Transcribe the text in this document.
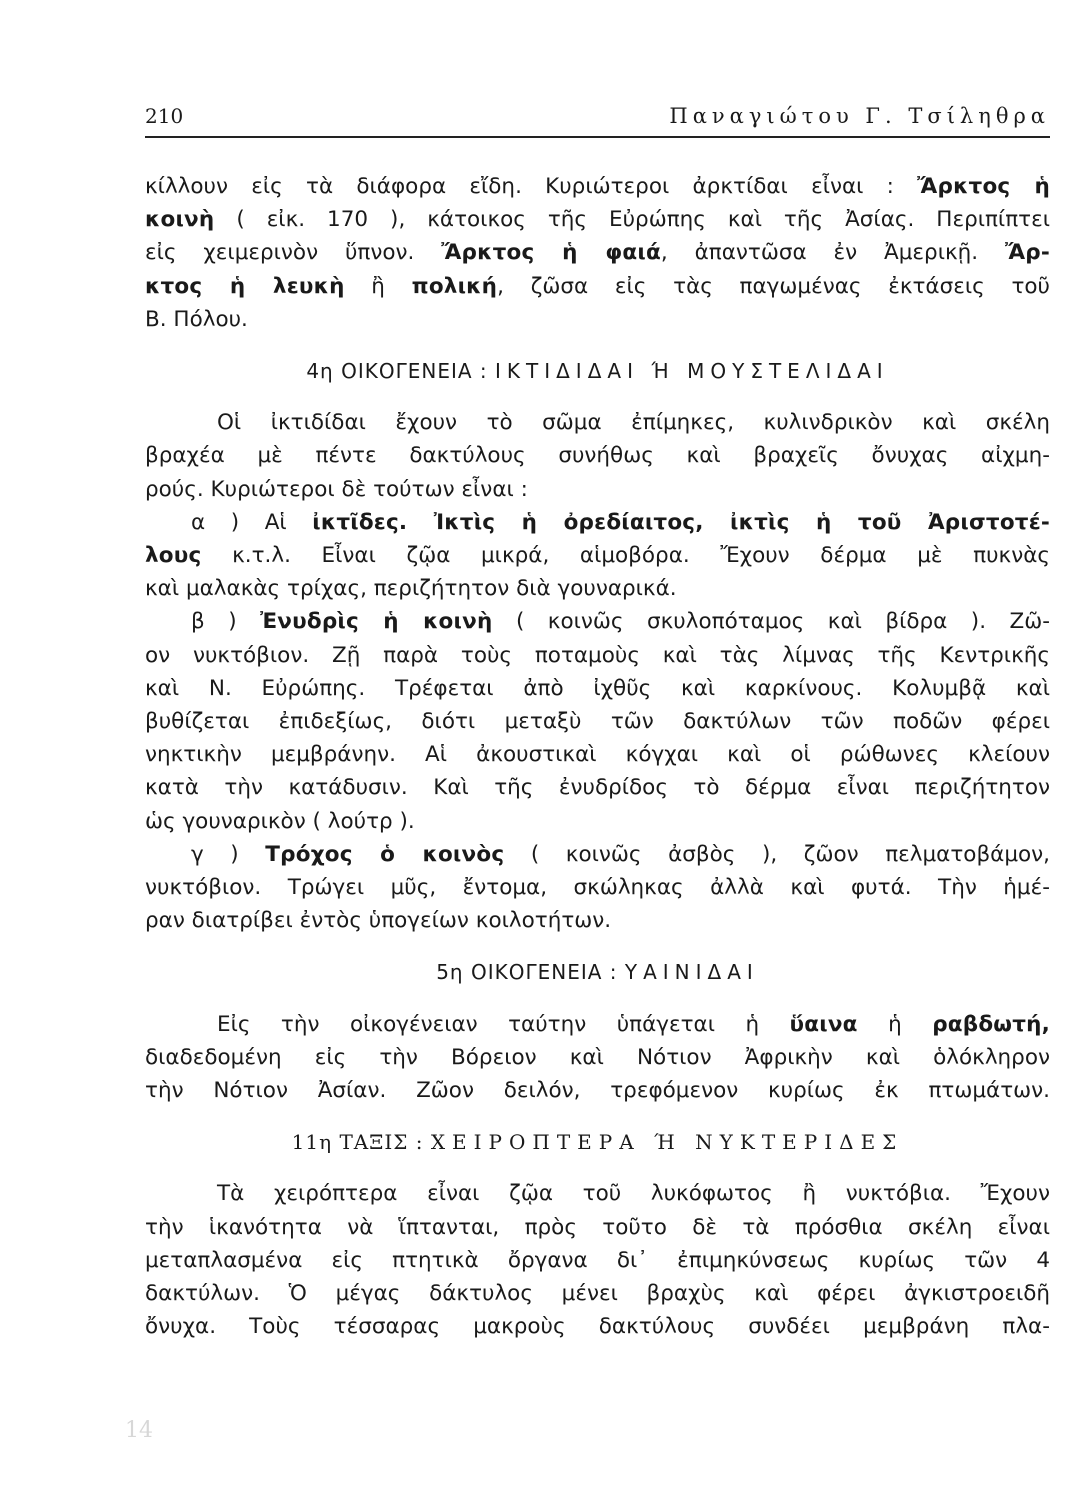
210	Παναγιώτου Γ. Τσίληθρα

κίλλουν εἰς τὰ διάφορα εἴδη. Κυριώτεροι ἀρκτίδαι εἶναι : Ἄρκτος ἡ
κοινὴ ( εἰκ. 170 ), κάτοικος τῆς Εὐρώπης καὶ τῆς Ἀσίας. Περιπίπτει
εἰς χειμερινὸν ὕπνον. Ἄρκτος ἡ φαιά, ἀπαντῶσα ἐν Ἀμερικῇ. Ἄρ-
κτος ἡ λευκὴ ἢ πολική, ζῶσα εἰς τὰς παγωμένας ἐκτάσεις τοῦ
Β. Πόλου.

4η ΟΙΚΟΓΕΝΕΙΑ : ΙΚΤΙΔΙΔΑΙ Ή ΜΟΥΣΤΕΛΙΔΑΙ

Οἱ ἰκτιδίδαι ἔχουν τὸ σῶμα ἐπίμηκες, κυλινδρικὸν καὶ σκέλη
βραχέα μὲ πέντε δακτύλους συνήθως καὶ βραχεῖς ὄνυχας αἰχμη-
ρούς. Κυριώτεροι δὲ τούτων εἶναι :

α ) Αἱ ἰκτῖδες. Ἰκτὶς ἡ ὀρεδίαιτος, ἰκτὶς ἡ τοῦ Ἀριστοτέ-
λους κ.τ.λ. Εἶναι ζῷα μικρά, αἱμοβόρα. Ἔχουν δέρμα μὲ πυκνὰς
καὶ μαλακὰς τρίχας, περιζήτητον διὰ γουναρικά.

β ) Ἐνυδρὶς ἡ κοινὴ ( κοινῶς σκυλοπόταμος καὶ βίδρα ). Ζῶ-
ον νυκτόβιον. Ζῇ παρὰ τοὺς ποταμοὺς καὶ τὰς λίμνας τῆς Κεντρικῆς
καὶ Ν. Εὐρώπης. Τρέφεται ἀπὸ ἰχθῦς καὶ καρκίνους. Κολυμβᾷ καὶ
βυθίζεται ἐπιδεξίως, διότι μεταξὺ τῶν δακτύλων τῶν ποδῶν φέρει
νηκτικὴν μεμβράνην. Αἱ ἀκουστικαὶ κόγχαι καὶ οἱ ρώθωνες κλείουν
κατὰ τὴν κατάδυσιν. Καὶ τῆς ἐνυδρίδος τὸ δέρμα εἶναι περιζήτητον
ὡς γουναρικὸν ( λούτρ ).

γ ) Τρόχος ὁ κοινὸς ( κοινῶς ἀσβὸς ), ζῶον πελματοβάμον,
νυκτόβιον. Τρώγει μῦς, ἔντομα, σκώληκας ἀλλὰ καὶ φυτά. Τὴν ἡμέ-
ραν διατρίβει ἐντὸς ὑπογείων κοιλοτήτων.

5η ΟΙΚΟΓΕΝΕΙΑ : ΥΑΙΝΙΔΑΙ

Εἰς τὴν οἰκογένειαν ταύτην ὑπάγεται ἡ ὕαινα ἡ ραβδωτή,
διαδεδομένη εἰς τὴν Βόρειον καὶ Νότιον Ἀφρικὴν καὶ ὁλόκληρον
τὴν Νότιον Ἀσίαν. Ζῶον δειλόν, τρεφόμενον κυρίως ἐκ πτωμάτων.

11η ΤΑΞΙΣ : ΧΕΙΡΟΠΤΕΡΑ Ή ΝΥΚΤΕΡΙΔΕΣ

Τὰ χειρόπτερα εἶναι ζῷα τοῦ λυκόφωτος ἢ νυκτόβια. Ἔχουν
τὴν ἱκανότητα νὰ ἵπτανται, πρὸς τοῦτο δὲ τὰ πρόσθια σκέλη εἶναι
μεταπλασμένα εἰς πτητικὰ ὄργανα δι᾿ ἐπιμηκύνσεως κυρίως τῶν 4
δακτύλων. Ὁ μέγας δάκτυλος μένει βραχὺς καὶ φέρει ἀγκιστροειδῆ
ὄνυχα. Τοὺς τέσσαρας μακροὺς δακτύλους συνδέει μεμβράνη πλα-

14
